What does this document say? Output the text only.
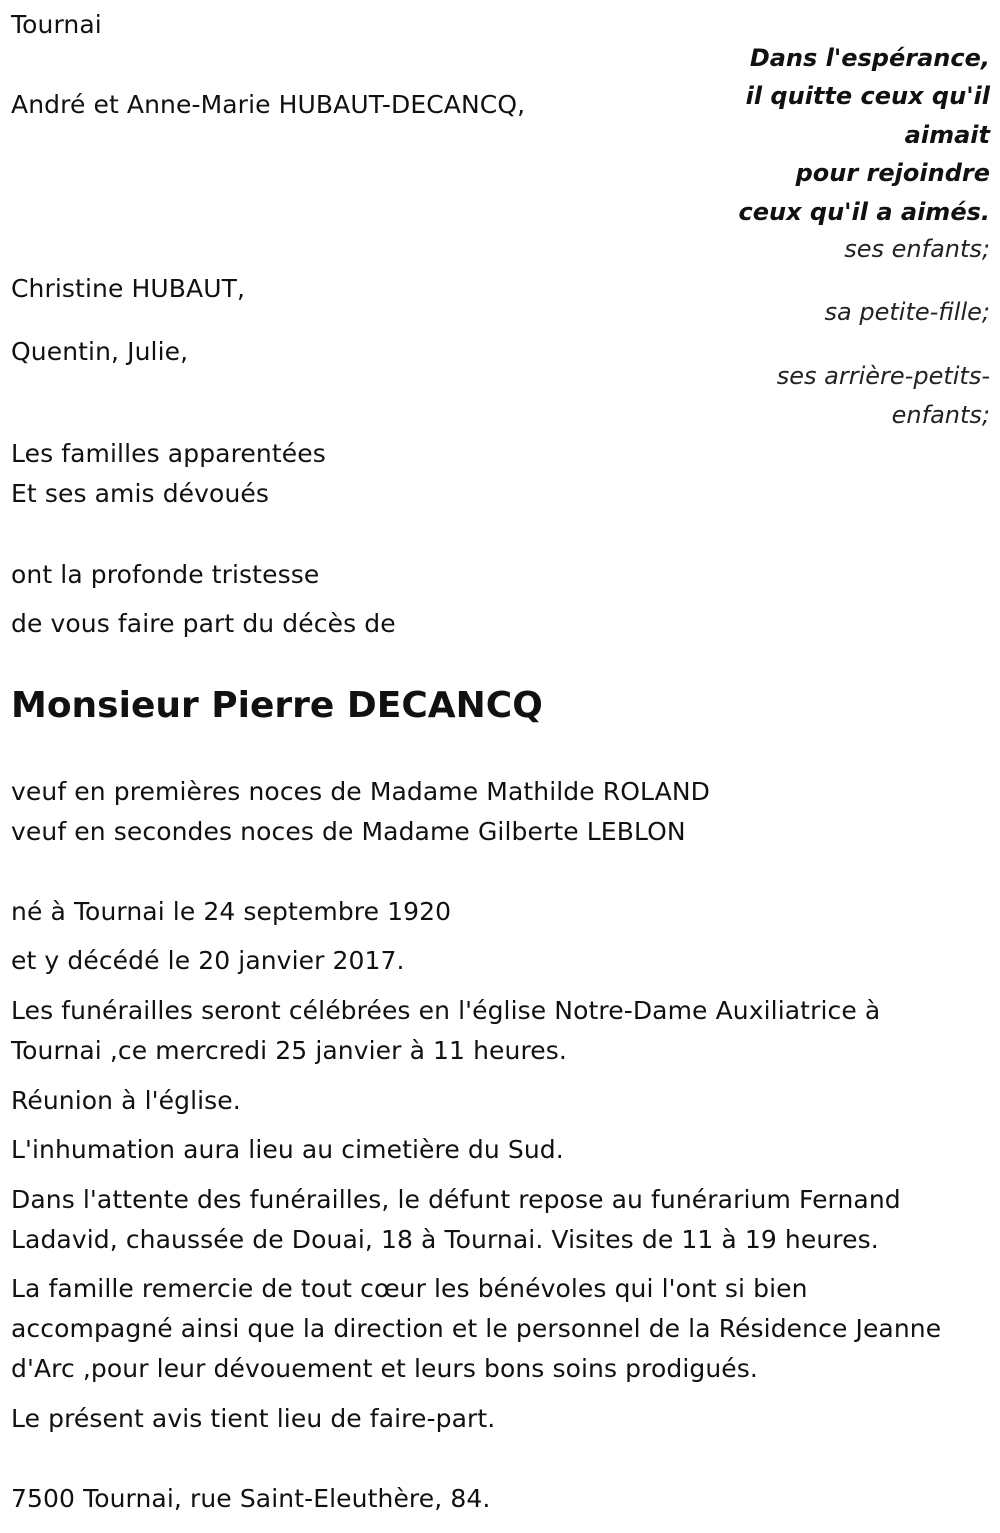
Tournai
Dans l'espérance,
il quitte ceux qu'il
aimait
pour rejoindre
ceux qu'il a aimés.
André et Anne-Marie HUBAUT-DECANCQ,
ses enfants;
Christine HUBAUT,
sa petite-fille;
Quentin, Julie,
ses arrière-petits-
enfants;
Les familles apparentées
Et ses amis dévoués
ont la profonde tristesse
de vous faire part du décès de
Monsieur Pierre DECANCQ
veuf en premières noces de Madame Mathilde ROLAND
veuf en secondes noces de Madame Gilberte LEBLON
né à Tournai le 24 septembre 1920
et y décédé le 20 janvier 2017.
Les funérailles seront célébrées en l'église Notre-Dame Auxiliatrice à
Tournai ,ce mercredi 25 janvier à 11 heures.
Réunion à l'église.
L'inhumation aura lieu au cimetière du Sud.
Dans l'attente des funérailles, le défunt repose au funérarium Fernand
Ladavid, chaussée de Douai, 18 à Tournai. Visites de 11 à 19 heures.
La famille remercie de tout cœur les bénévoles qui l'ont si bien
accompagné ainsi que la direction et le personnel de la Résidence Jeanne
d'Arc ,pour leur dévouement et leurs bons soins prodigués.
Le présent avis tient lieu de faire-part.
7500 Tournai, rue Saint-Eleuthère, 84.
